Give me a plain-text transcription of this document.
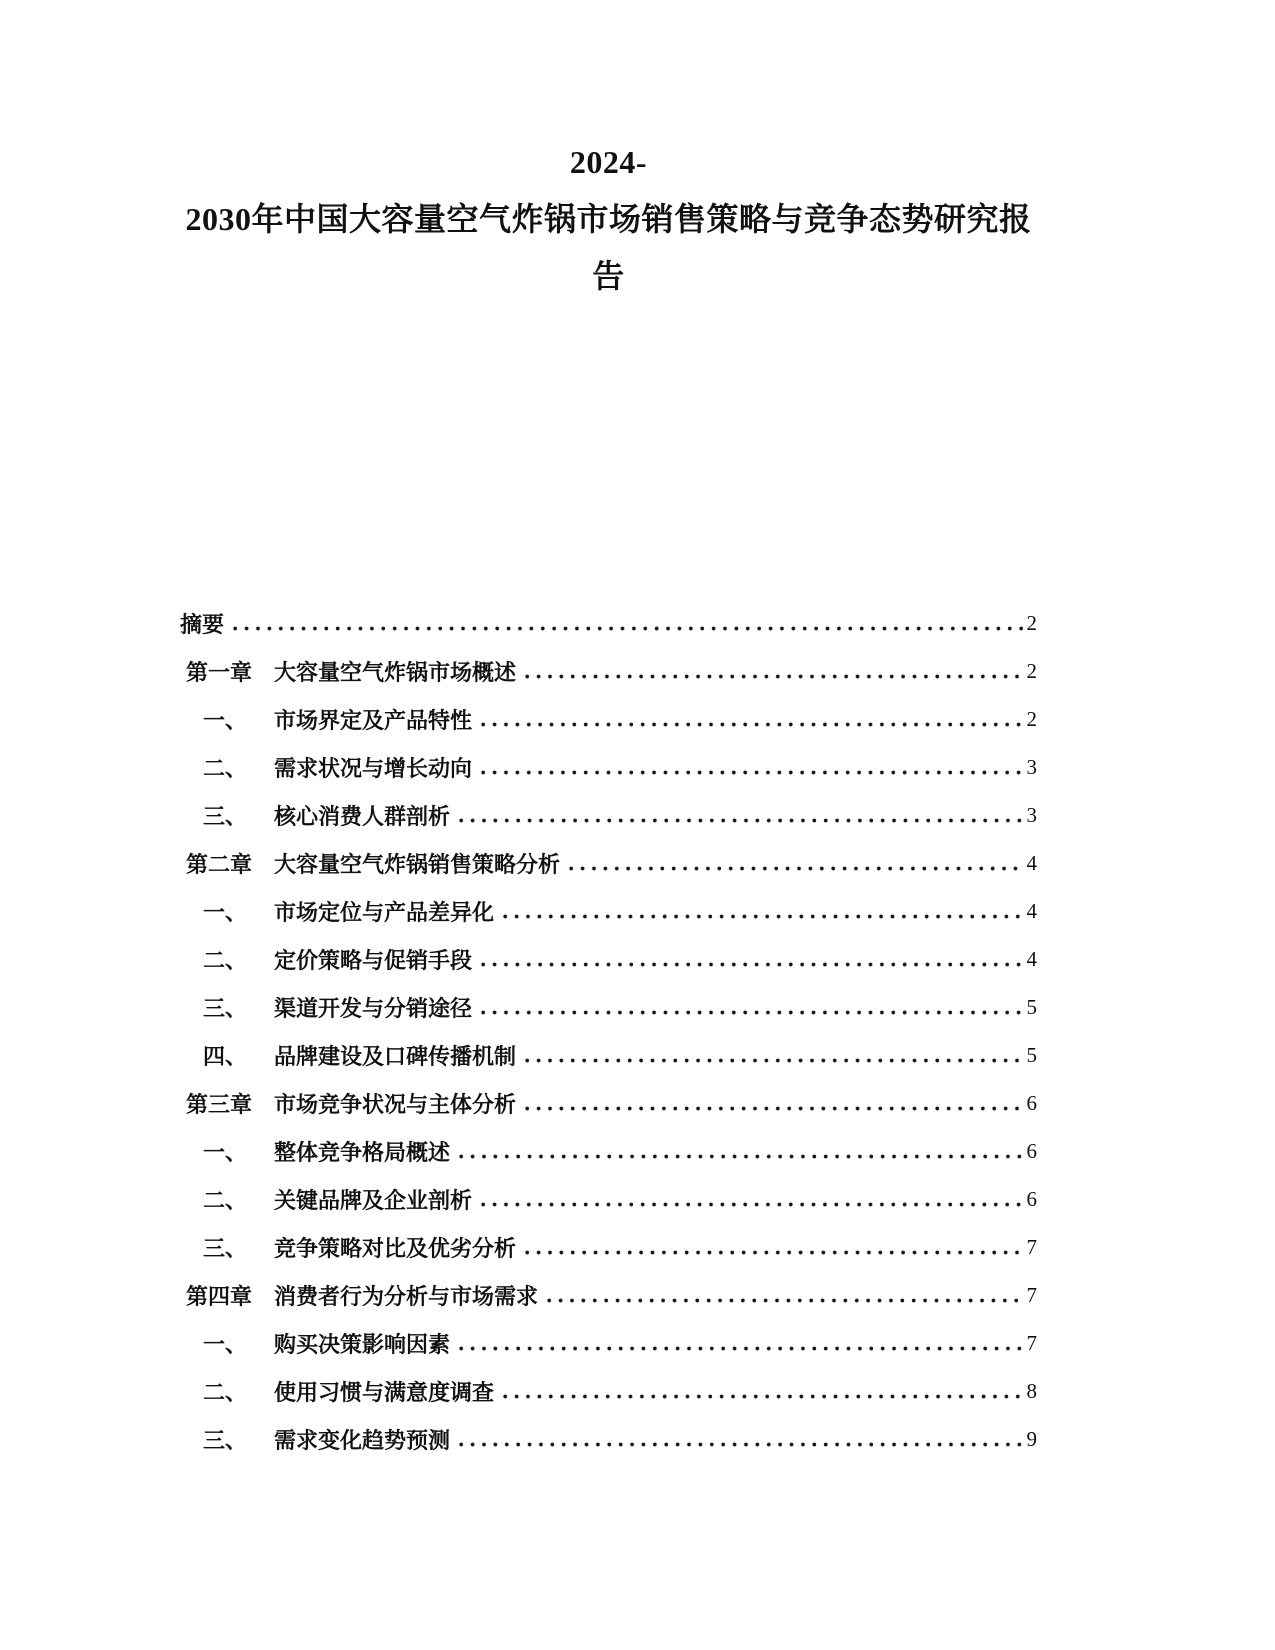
2024-
2030年中国大容量空气炸锅市场销售策略与竞争态势研究报
告
摘要	2
第一章 大容量空气炸锅市场概述	2
一、	市场界定及产品特性	2
二、	需求状况与增长动向	3
三、	核心消费人群剖析	3
第二章 大容量空气炸锅销售策略分析	4
一、	市场定位与产品差异化	4
二、	定价策略与促销手段	4
三、	渠道开发与分销途径	5
四、	品牌建设及口碑传播机制	5
第三章 市场竞争状况与主体分析	6
一、	整体竞争格局概述	6
二、	关键品牌及企业剖析	6
三、	竞争策略对比及优劣分析	7
第四章 消费者行为分析与市场需求	7
一、	购买决策影响因素	7
二、	使用习惯与满意度调查	8
三、	需求变化趋势预测	9
